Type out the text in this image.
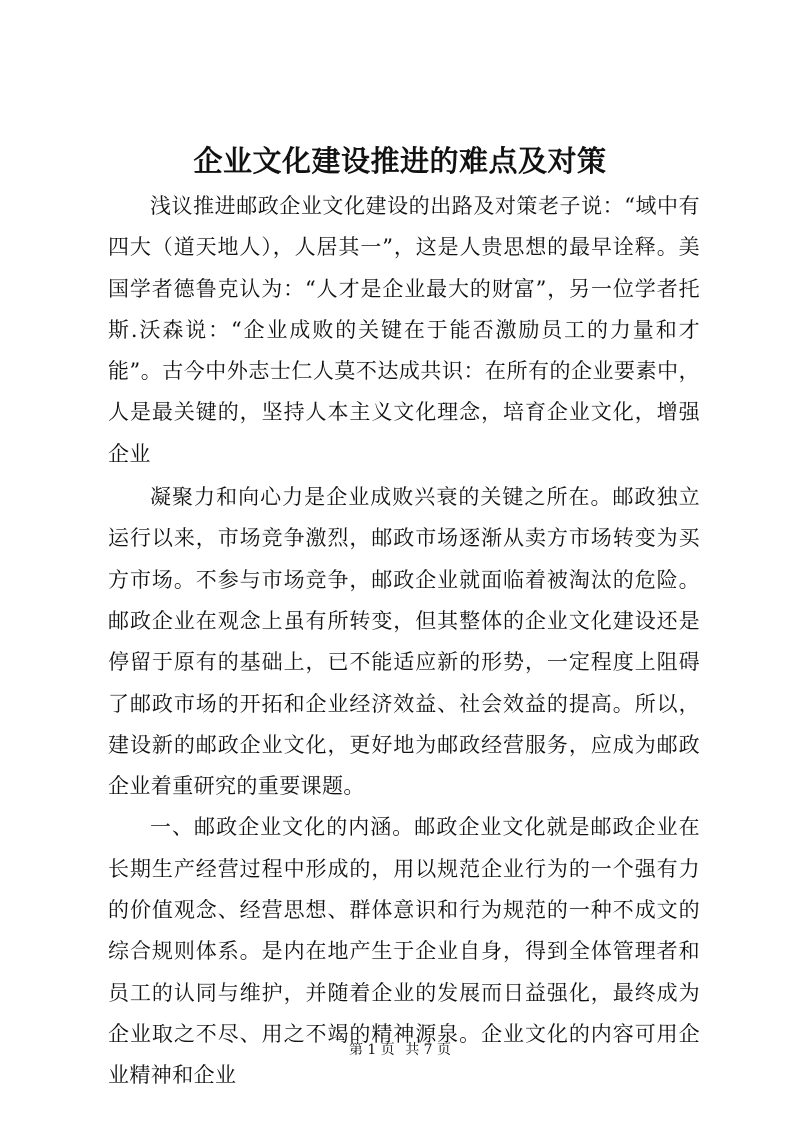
企业文化建设推进的难点及对策

浅议推进邮政企业文化建设的出路及对策老子说：“域中有四大（道天地人），人居其一”，这是人贵思想的最早诠释。美国学者德鲁克认为：“人才是企业最大的财富”，另一位学者托斯.沃森说：“企业成败的关键在于能否激励员工的力量和才能”。古今中外志士仁人莫不达成共识：在所有的企业要素中，人是最关键的，坚持人本主义文化理念，培育企业文化，增强企业

凝聚力和向心力是企业成败兴衰的关键之所在。邮政独立运行以来，市场竞争激烈，邮政市场逐渐从卖方市场转变为买方市场。不参与市场竞争，邮政企业就面临着被淘汰的危险。邮政企业在观念上虽有所转变，但其整体的企业文化建设还是停留于原有的基础上，已不能适应新的形势，一定程度上阻碍了邮政市场的开拓和企业经济效益、社会效益的提高。所以，建设新的邮政企业文化，更好地为邮政经营服务，应成为邮政企业着重研究的重要课题。

一、邮政企业文化的内涵。邮政企业文化就是邮政企业在长期生产经营过程中形成的，用以规范企业行为的一个强有力的价值观念、经营思想、群体意识和行为规范的一种不成文的综合规则体系。是内在地产生于企业自身，得到全体管理者和员工的认同与维护，并随着企业的发展而日益强化，最终成为企业取之不尽、用之不竭的精神源泉。企业文化的内容可用企业精神和企业

第 1 页 共 7 页
